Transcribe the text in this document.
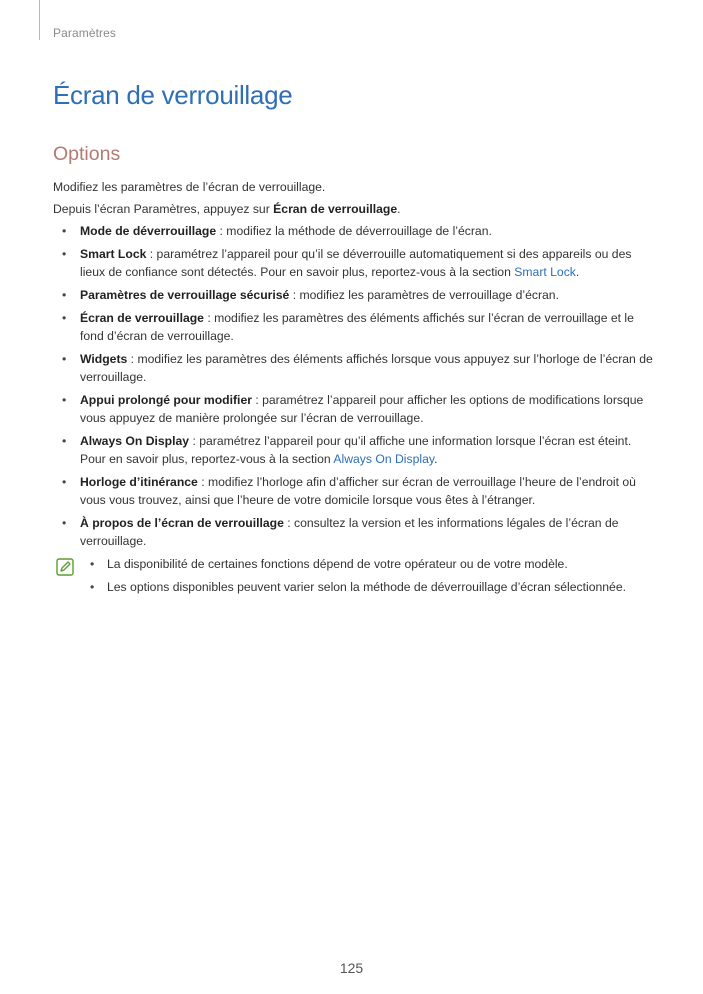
Paramètres
Écran de verrouillage
Options

Modifiez les paramètres de l’écran de verrouillage.

Depuis l’écran Paramètres, appuyez sur Écran de verrouillage.

• Mode de déverrouillage : modifiez la méthode de déverrouillage de l’écran.
• Smart Lock : paramétrez l’appareil pour qu’il se déverrouille automatiquement si des appareils ou des lieux de confiance sont détectés. Pour en savoir plus, reportez-vous à la section Smart Lock.
• Paramètres de verrouillage sécurisé : modifiez les paramètres de verrouillage d’écran.
• Écran de verrouillage : modifiez les paramètres des éléments affichés sur l’écran de verrouillage et le fond d’écran de verrouillage.
• Widgets : modifiez les paramètres des éléments affichés lorsque vous appuyez sur l’horloge de l’écran de verrouillage.
• Appui prolongé pour modifier : paramétrez l’appareil pour afficher les options de modifications lorsque vous appuyez de manière prolongée sur l’écran de verrouillage.
• Always On Display : paramétrez l’appareil pour qu’il affiche une information lorsque l’écran est éteint. Pour en savoir plus, reportez-vous à la section Always On Display.
• Horloge d’itinérance : modifiez l’horloge afin d’afficher sur écran de verrouillage l’heure de l’endroit où vous vous trouvez, ainsi que l’heure de votre domicile lorsque vous êtes à l’étranger.
• À propos de l’écran de verrouillage : consultez la version et les informations légales de l’écran de verrouillage.
• La disponibilité de certaines fonctions dépend de votre opérateur ou de votre modèle.
• Les options disponibles peuvent varier selon la méthode de déverrouillage d’écran sélectionnée.
125
